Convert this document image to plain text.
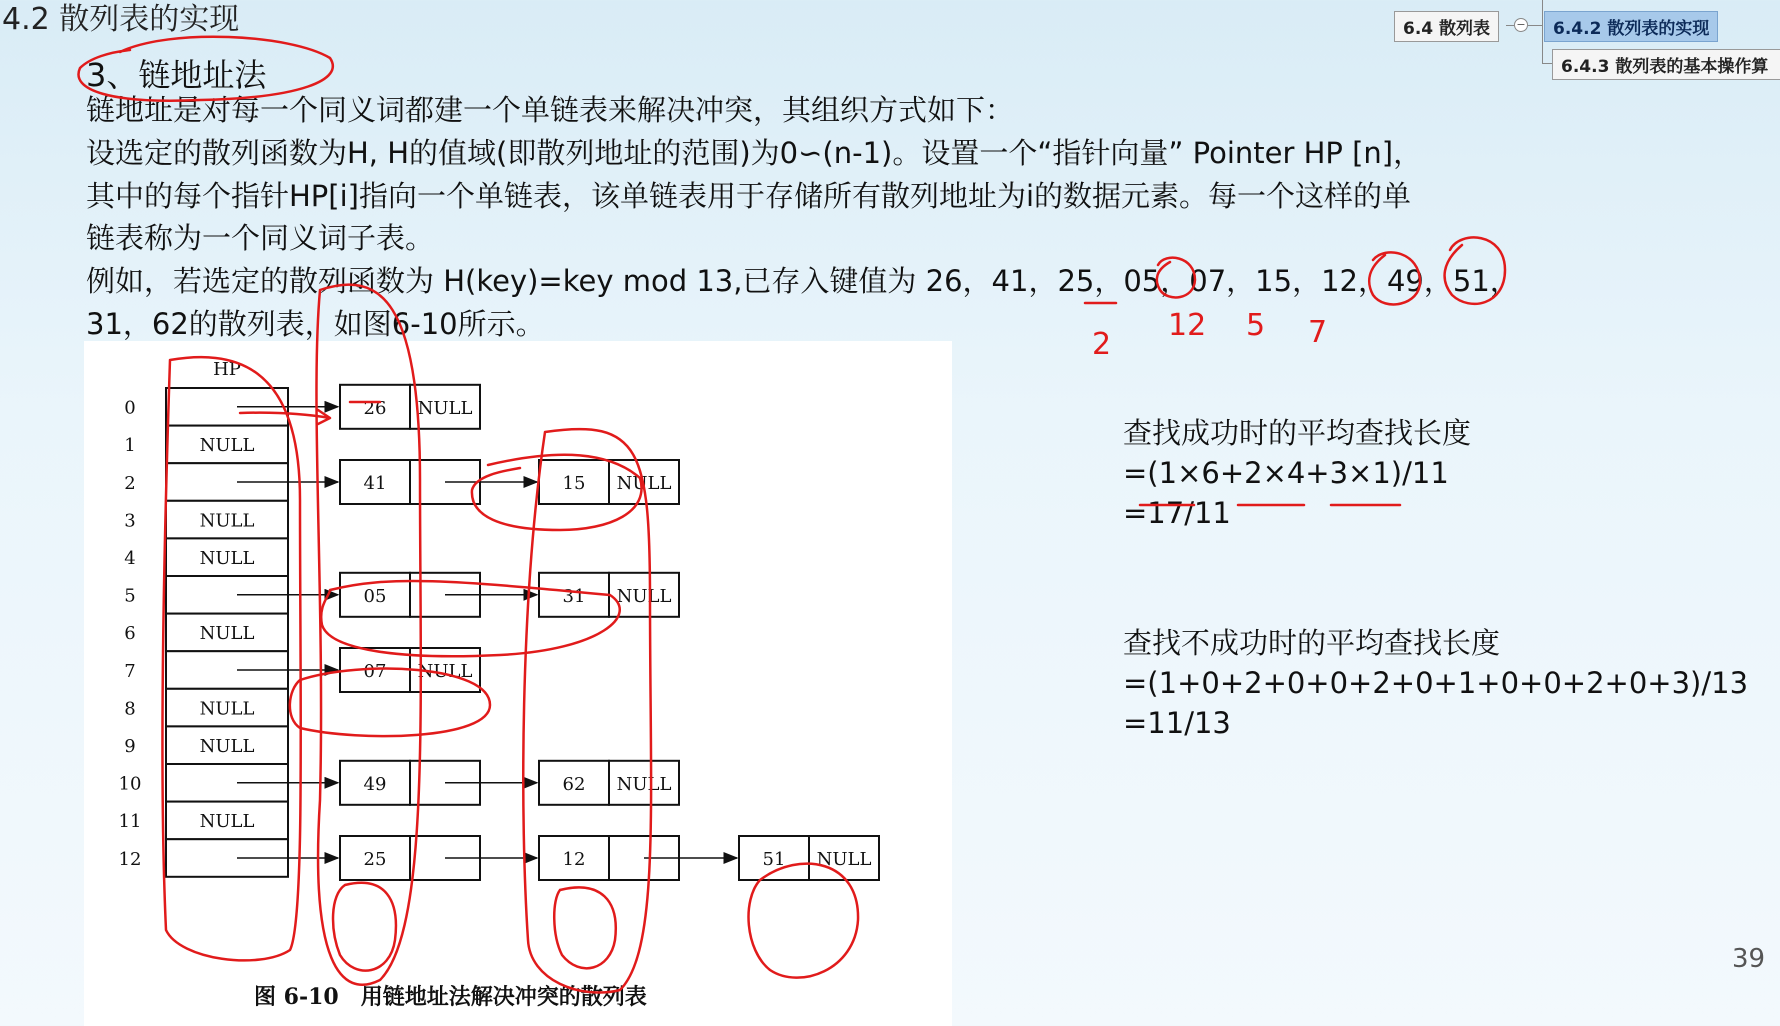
4.2 散列表的实现
3、链地址法
链地址是对每一个同义词都建一个单链表来解决冲突，其组织方式如下：
设选定的散列函数为H, H的值域(即散列地址的范围)为0∽(n-1)。设置一个“指针向量” Pointer HP [n]，
其中的每个指针HP[i]指向一个单链表，该单链表用于存储所有散列地址为i的数据元素。每一个这样的单
链表称为一个同义词子表。
例如，若选定的散列函数为 H(key)=key mod 13,已存入键值为 26，41，25，05，07，15，12，49，51，
31，62的散列表，如图6-10所示。
6.4 散列表	−	6.4.2 散列表的实现
6.4.3 散列表的基本操作算
HP
0	26 NULL
1	NULL
2	41	15 NULL
3	NULL
4	NULL
5	05	31 NULL
6	NULL
7	07 NULL
8	NULL
9	NULL
10	49	62 NULL
11	NULL
12	25	12	51 NULL
图 6-10　用链地址法解决冲突的散列表
查找成功时的平均查找长度
=(1×6+2×4+3×1)/11
=17/11
查找不成功时的平均查找长度
=(1+0+2+0+0+2+0+1+0+0+2+0+3)/13
=11/13
39
2
12 5 7
